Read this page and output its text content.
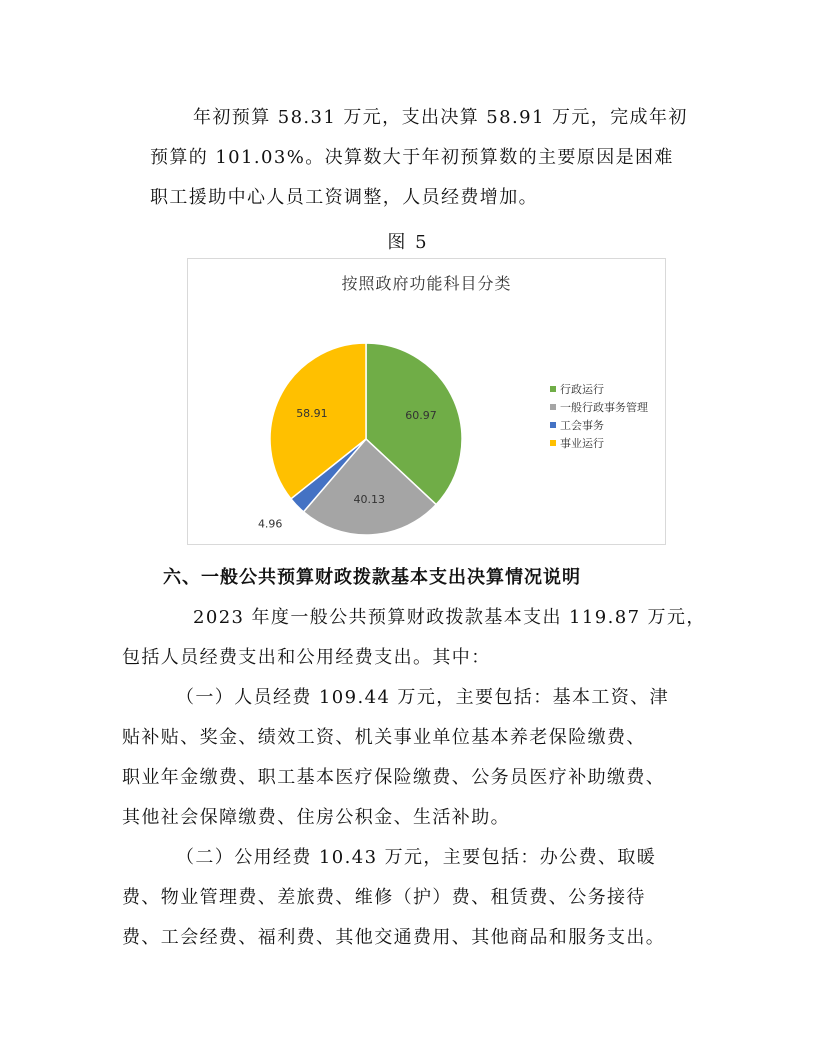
年初预算 58.31 万元，支出决算 58.91 万元，完成年初
预算的 101.03%。决算数大于年初预算数的主要原因是困难
职工援助中心人员工资调整，人员经费增加。
图 5
按照政府功能科目分类
60.97
40.13
4.96
58.91
行政运行
一般行政事务管理
工会事务
事业运行
六、一般公共预算财政拨款基本支出决算情况说明
2023 年度一般公共预算财政拨款基本支出 119.87 万元，
包括人员经费支出和公用经费支出。其中：
（一）人员经费 109.44 万元，主要包括：基本工资、津
贴补贴、奖金、绩效工资、机关事业单位基本养老保险缴费、
职业年金缴费、职工基本医疗保险缴费、公务员医疗补助缴费、
其他社会保障缴费、住房公积金、生活补助。
（二）公用经费 10.43 万元，主要包括：办公费、取暖
费、物业管理费、差旅费、维修（护）费、租赁费、公务接待
费、工会经费、福利费、其他交通费用、其他商品和服务支出。
